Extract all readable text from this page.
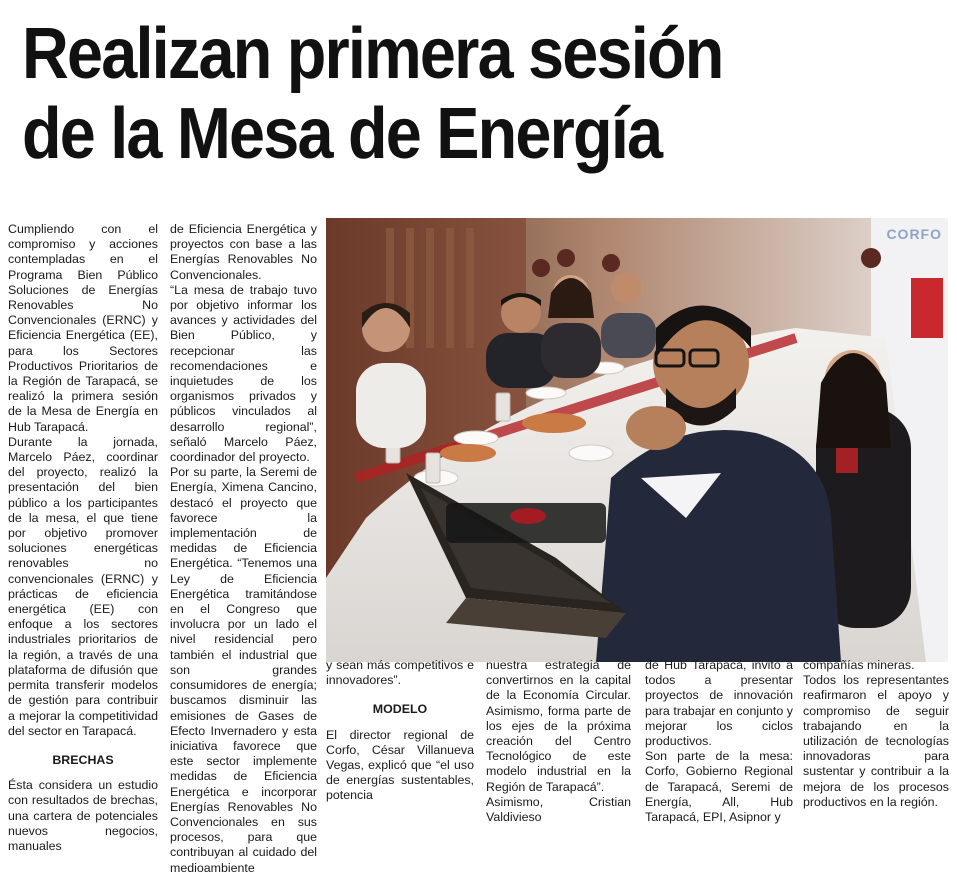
Realizan primera sesión
de la Mesa de Energía

Cumpliendo con el compromiso y acciones contempladas en el Programa Bien Público Soluciones de Energías Renovables No Convencionales (ERNC) y Eficiencia Energética (EE), para los Sectores Productivos Prioritarios de la Región de Tarapacá, se realizó la primera sesión de la Mesa de Energía en Hub Tarapacá.

Durante la jornada, Marcelo Páez, coordinar del proyecto, realizó la presentación del bien público a los participantes de la mesa, el que tiene por objetivo promover soluciones energéticas renovables no convencionales (ERNC) y prácticas de eficiencia energética (EE) con enfoque a los sectores industriales prioritarios de la región, a través de una plataforma de difusión que permita transferir modelos de gestión para contribuir a mejorar la competitividad del sector en Tarapacá.

BRECHAS

Ésta considera un estudio con resultados de brechas, una cartera de potenciales nuevos negocios, manuales

de Eficiencia Energética y proyectos con base a las Energías Renovables No Convencionales.

“La mesa de trabajo tuvo por objetivo informar los avances y actividades del Bien Público, y recepcionar las recomendaciones e inquietudes de los organismos privados y públicos vinculados al desarrollo regional”, señaló Marcelo Páez, coordinador del proyecto.

Por su parte, la Seremi de Energía, Ximena Cancino, destacó el proyecto que favorece la implementación de medidas de Eficiencia Energética. “Tenemos una Ley de Eficiencia Energética tramitándose en el Congreso que involucra por un lado el nivel residencial pero también el industrial que son grandes consumidores de energía; buscamos disminuir las emisiones de Gases de Efecto Invernadero y esta iniciativa favorece que este sector implemente medidas de Eficiencia Energética e incorporar Energías Renovables No Convencionales en sus procesos, para que contribuyan al cuidado del medioambiente

CORFO

y sean más competitivos e innovadores”.

MODELO

El director regional de Corfo, César Villanueva Vegas, explicó que “el uso de energías sustentables, potencia

nuestra estrategia de convertirnos en la capital de la Economía Circular. Asimismo, forma parte de los ejes de la próxima creación del Centro Tecnológico de este modelo industrial en la Región de Tarapacá”.

Asimismo, Cristian Valdivieso

de Hub Tarapacá, invitó a todos a presentar proyectos de innovación para trabajar en conjunto y mejorar los ciclos productivos.

Son parte de la mesa: Corfo, Gobierno Regional de Tarapacá, Seremi de Energía, All, Hub Tarapacá, EPI, Asipnor y

compañías mineras.

Todos los representantes reafirmaron el apoyo y compromiso de seguir trabajando en la utilización de tecnologías innovadoras para sustentar y contribuir a la mejora de los procesos productivos en la región.
